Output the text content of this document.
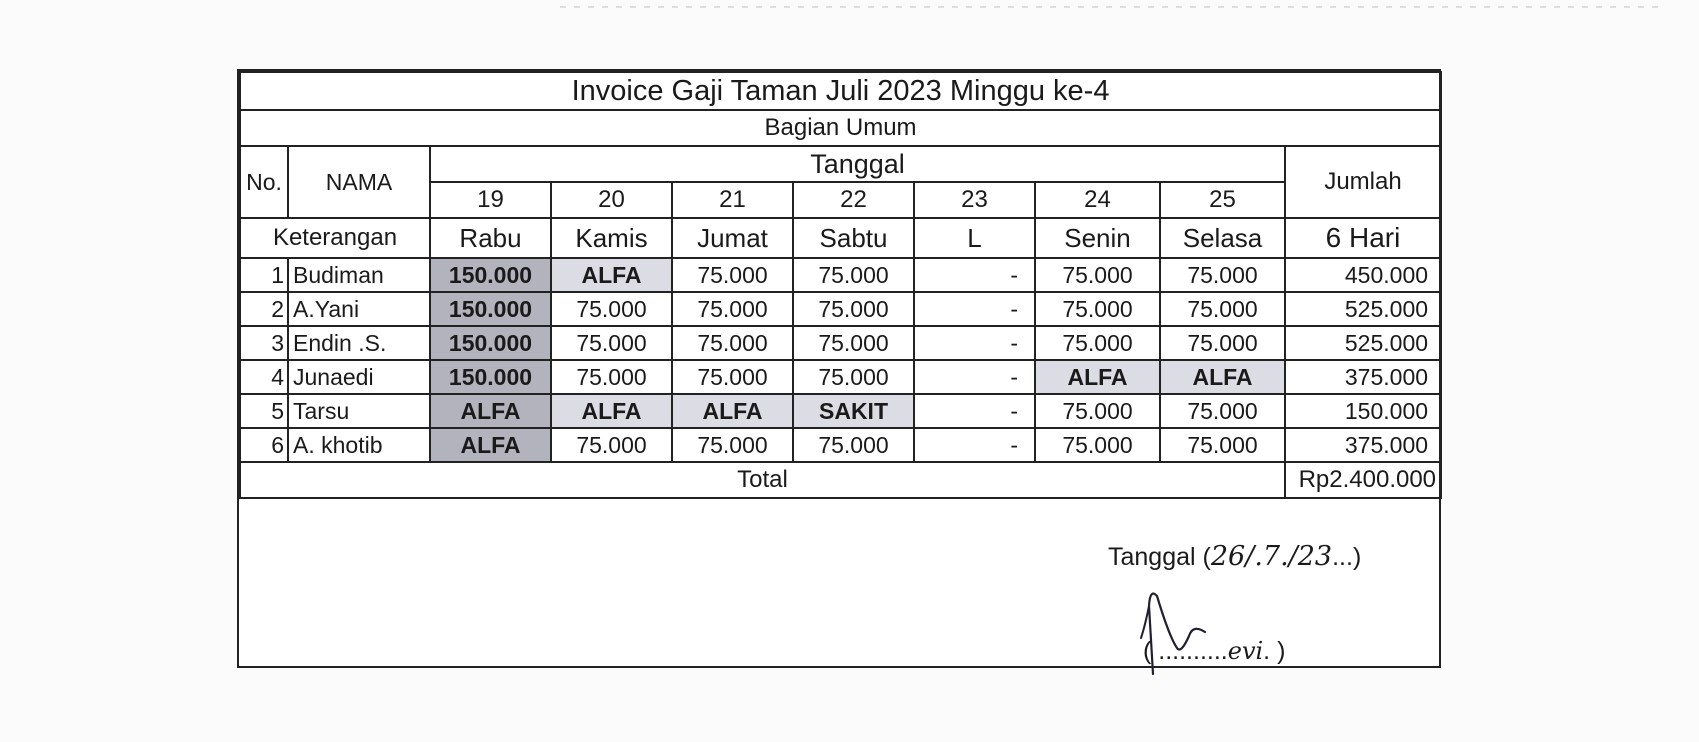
Invoice Gaji Taman Juli 2023 Minggu ke-4									
Bagian Umum									
No.	NAMA	Tanggal							Jumlah
		19	20	21	22	23	24	25	
Keterangan		Rabu	Kamis	Jumat	Sabtu	L	Senin	Selasa	6 Hari
1	Budiman	150.000	ALFA	75.000	75.000	-	75.000	75.000	450.000
2	A.Yani	150.000	75.000	75.000	75.000	-	75.000	75.000	525.000
3	Endin .S.	150.000	75.000	75.000	75.000	-	75.000	75.000	525.000
4	Junaedi	150.000	75.000	75.000	75.000	-	ALFA	ALFA	375.000
5	Tarsu	ALFA	ALFA	ALFA	SAKIT	-	75.000	75.000	150.000
6	A. khotib	ALFA	75.000	75.000	75.000	-	75.000	75.000	375.000
Total									Rp2.400.000
Tanggal (26/.7./23...)
( ..........evi. )
